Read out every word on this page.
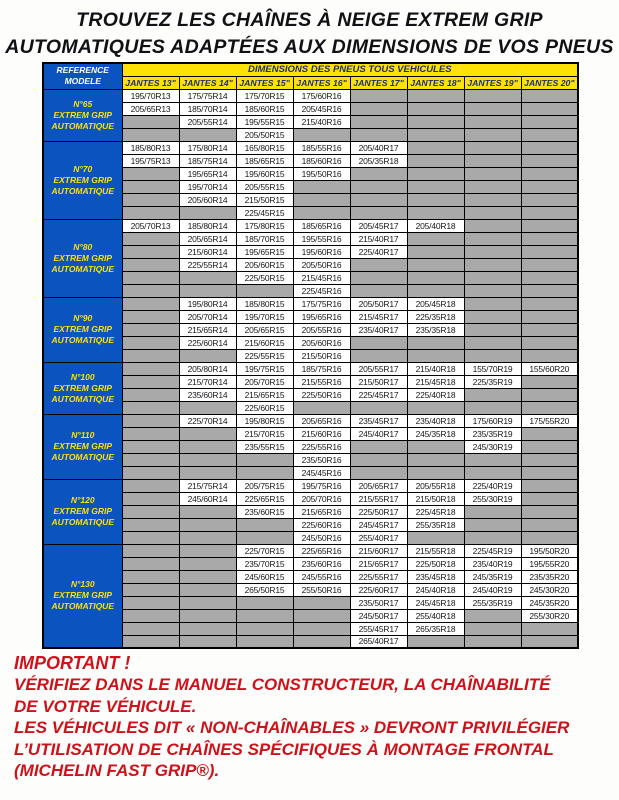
TROUVEZ LES CHAÎNES À NEIGE EXTREM GRIP
AUTOMATIQUES ADAPTÉES AUX DIMENSIONS DE VOS PNEUS
REFERENCE
MODELE	DIMENSIONS DES PNEUS TOUS VEHICULES							
	JANTES 13"	JANTES 14"	JANTES 15"	JANTES 16"	JANTES 17"	JANTES 18"	JANTES 19"	JANTES 20"

N°65
EXTREM GRIP
AUTOMATIQUE	195/70R13	175/75R14	175/70R15	175/60R16				
	205/65R13	185/70R14	185/60R15	205/45R16				
		205/55R14	195/55R15	215/40R16				
			205/50R15					

N°70
EXTREM GRIP
AUTOMATIQUE	185/80R13	175/80R14	165/80R15	185/55R16	205/40R17			
	195/75R13	185/75R14	185/65R15	185/60R16	205/35R18			
		195/65R14	195/60R15	195/50R16				
		195/70R14	205/55R15					
		205/60R14	215/50R15					
			225/45R15					

N°80
EXTREM GRIP
AUTOMATIQUE	205/70R13	185/80R14	175/80R15	185/65R16	205/45R17	205/40R18		
		205/65R14	185/70R15	195/55R16	215/40R17			
		215/60R14	195/65R15	195/60R16	225/40R17			
		225/55R14	205/60R15	205/50R16				
			225/50R15	215/45R16				
				225/45R16				

N°90
EXTREM GRIP
AUTOMATIQUE		195/80R14	185/80R15	175/75R16	205/50R17	205/45R18		
		205/70R14	195/70R15	195/65R16	215/45R17	225/35R18		
		215/65R14	205/65R15	205/55R16	235/40R17	235/35R18		
		225/60R14	215/60R15	205/60R16				
			225/55R15	215/50R16				

N°100
EXTREM GRIP
AUTOMATIQUE		205/80R14	195/75R15	185/75R16	205/55R17	215/40R18	155/70R19	155/60R20
		215/70R14	205/70R15	215/55R16	215/50R17	215/45R18	225/35R19	
		235/60R14	215/65R15	225/50R16	225/45R17	225/40R18		
			225/60R15					

N°110
EXTREM GRIP
AUTOMATIQUE		225/70R14	195/80R15	205/65R16	235/45R17	235/40R18	175/60R19	175/55R20
			215/70R15	215/60R16	245/40R17	245/35R18	235/35R19	
			235/55R15	225/55R16			245/30R19	
				235/50R16				
				245/45R16				

N°120
EXTREM GRIP
AUTOMATIQUE		215/75R14	205/75R15	195/75R16	205/65R17	205/55R18	225/40R19	
		245/60R14	225/65R15	205/70R16	215/55R17	215/50R18	255/30R19	
			235/60R15	215/65R16	225/50R17	225/45R18		
				225/60R16	245/45R17	255/35R18		
				245/50R16	255/40R17			

N°130
EXTREM GRIP
AUTOMATIQUE			225/70R15	225/65R16	215/60R17	215/55R18	225/45R19	195/50R20
			235/70R15	235/60R16	215/65R17	225/50R18	235/40R19	195/55R20
			245/60R15	245/55R16	225/55R17	235/45R18	245/35R19	235/35R20
			265/50R15	255/50R16	225/60R17	245/40R18	245/40R19	245/30R20
					235/50R17	245/45R18	255/35R19	245/35R20
					245/50R17	255/40R18		255/30R20
					255/45R17	265/35R18		
					265/40R17			
IMPORTANT !
VÉRIFIEZ DANS LE MANUEL CONSTRUCTEUR, LA CHAÎNABILITÉ
DE VOTRE VÉHICULE.
LES VÉHICULES DIT « NON-CHAÎNABLES » DEVRONT PRIVILÉGIER
L’UTILISATION DE CHAÎNES SPÉCIFIQUES À MONTAGE FRONTAL
(MICHELIN FAST GRIP®).
